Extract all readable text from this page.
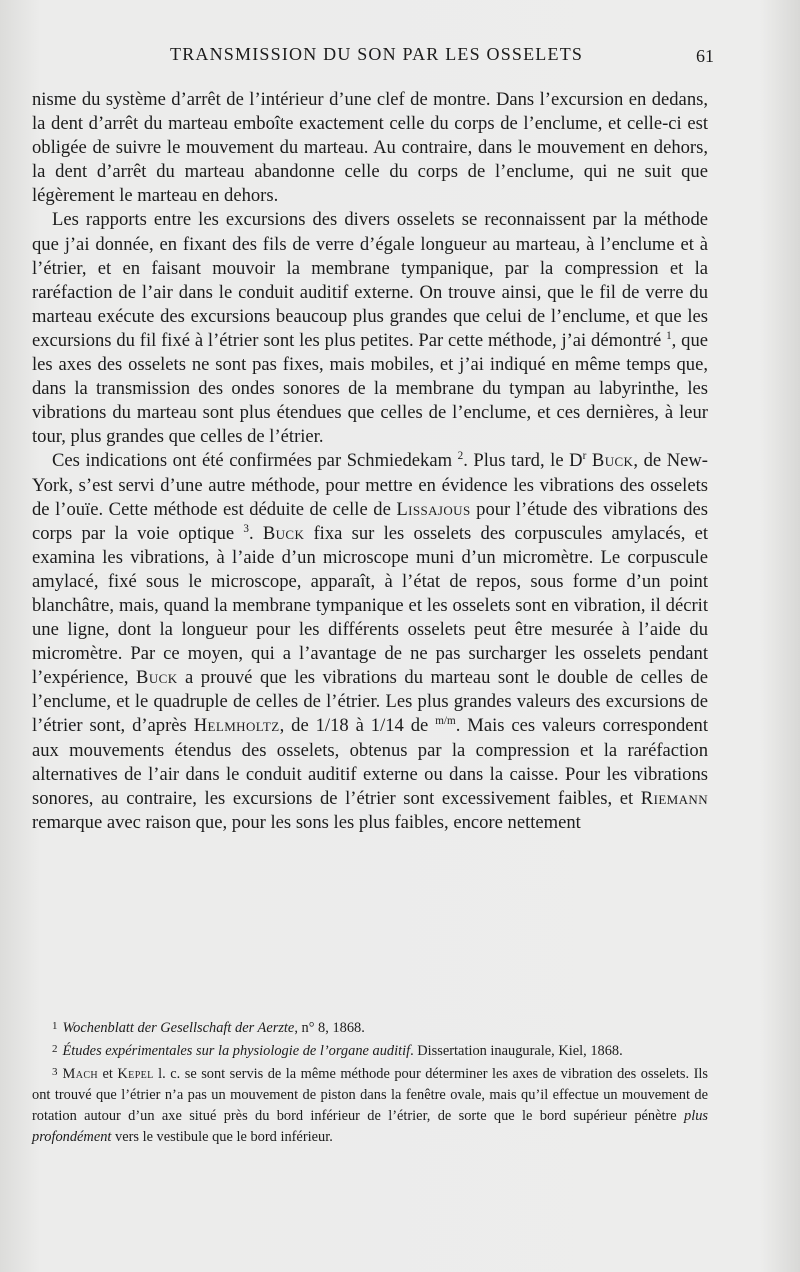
TRANSMISSION DU SON PAR LES OSSELETS	61

nisme du système d’arrêt de l’intérieur d’une clef de montre. Dans l’excursion en dedans, la dent d’arrêt du marteau emboîte exactement celle du corps de l’enclume, et celle-ci est obligée de suivre le mouvement du marteau. Au contraire, dans le mouvement en dehors, la dent d’arrêt du marteau abandonne celle du corps de l’enclume, qui ne suit que légèrement le marteau en dehors.

Les rapports entre les excursions des divers osselets se reconnaissent par la méthode que j’ai donnée, en fixant des fils de verre d’égale longueur au marteau, à l’enclume et à l’étrier, et en faisant mouvoir la membrane tympanique, par la compression et la raréfaction de l’air dans le conduit auditif externe. On trouve ainsi, que le fil de verre du marteau exécute des excursions beaucoup plus grandes que celui de l’enclume, et que les excursions du fil fixé à l’étrier sont les plus petites. Par cette méthode, j’ai démontré $^1$, que les axes des osselets ne sont pas fixes, mais mobiles, et j’ai indiqué en même temps que, dans la transmission des ondes sonores de la membrane du tympan au labyrinthe, les vibrations du marteau sont plus étendues que celles de l’enclume, et ces dernières, à leur tour, plus grandes que celles de l’étrier.

Ces indications ont été confirmées par Schmiedekam $^2$. Plus tard, le $D^r$ Buck, de New-York, s’est servi d’une autre méthode, pour mettre en évidence les vibrations des osselets de l’ouïe. Cette méthode est déduite de celle de Lissajous pour l’étude des vibrations des corps par la voie optique $^3$. Buck fixa sur les osselets des corpuscules amylacés, et examina les vibrations, à l’aide d’un microscope muni d’un micromètre. Le corpuscule amylacé, fixé sous le microscope, apparaît, à l’état de repos, sous forme d’un point blanchâtre, mais, quand la membrane tympanique et les osselets sont en vibration, il décrit une ligne, dont la longueur pour les différents osselets peut être mesurée à l’aide du micromètre. Par ce moyen, qui a l’avantage de ne pas surcharger les osselets pendant l’expérience, Buck a prouvé que les vibrations du marteau sont le double de celles de l’enclume, et le quadruple de celles de l’étrier. Les plus grandes valeurs des excursions de l’étrier sont, d’après Helmholtz, de 1/18 à 1/14 de $^{m/m}$. Mais ces valeurs correspondent aux mouvements étendus des osselets, obtenus par la compression et la raréfaction alternatives de l’air dans le conduit auditif externe ou dans la caisse. Pour les vibrations sonores, au contraire, les excursions de l’étrier sont excessivement faibles, et Riemann remarque avec raison que, pour les sons les plus faibles, encore nettement

$^1$ Wochenblatt der Gesellschaft der Aerzte, n° 8, 1868.

$^2$ Études expérimentales sur la physiologie de l’organe auditif. Dissertation inaugurale, Kiel, 1868.

$^3$ Mach et Kepel l. c. se sont servis de la même méthode pour déterminer les axes de vibration des osselets. Ils ont trouvé que l’étrier n’a pas un mouvement de piston dans la fenêtre ovale, mais qu’il effectue un mouvement de rotation autour d’un axe situé près du bord inférieur de l’étrier, de sorte que le bord supérieur pénètre plus profondément vers le vestibule que le bord inférieur.
